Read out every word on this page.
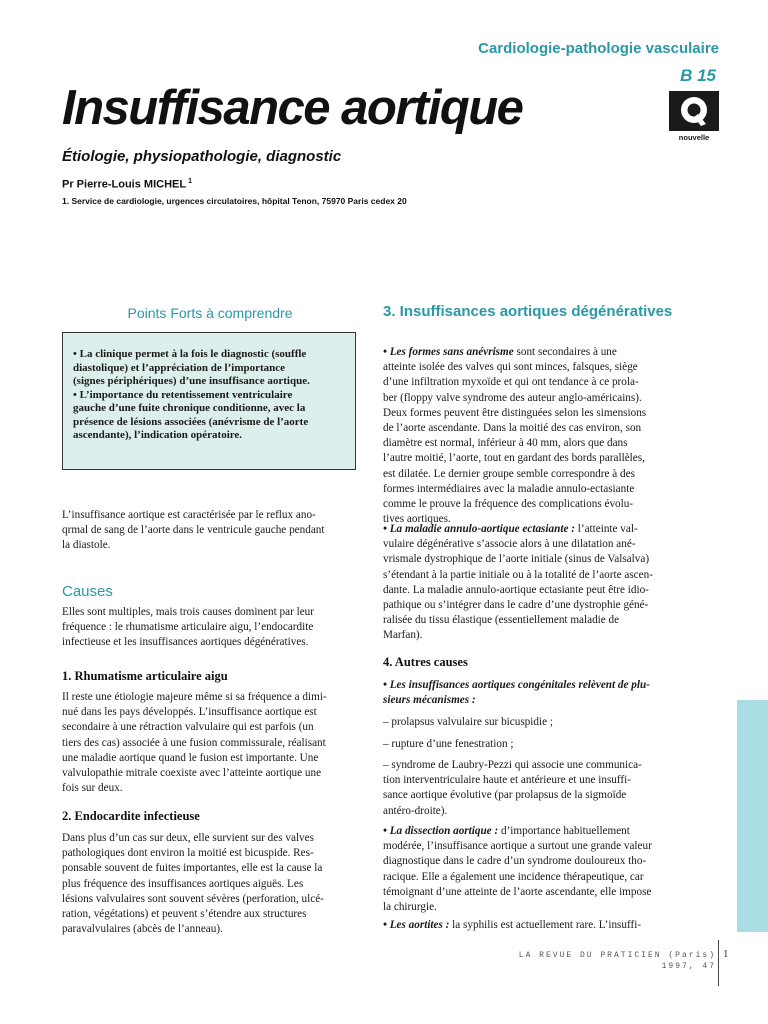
Cardiologie-pathologie vasculaire
B 15
Insuffisance aortique
Étiologie, physiopathologie, diagnostic
Pr Pierre-Louis MICHEL $^1$
1. Service de cardiologie, urgences circulatoires, hôpital Tenon, 75970 Paris cedex 20
nouvelle
Points Forts à comprendre
• La clinique permet à la fois le diagnostic (souffle
diastolique) et l’appréciation de l’importance
(signes périphériques) d’une insuffisance aortique.
• L’importance du retentissement ventriculaire
gauche d’une fuite chronique conditionne, avec la
présence de lésions associées (anévrisme de l’aorte
ascendante), l’indication opératoire.
L’insuffisance aortique est caractérisée par le reflux ano-
qrmal de sang de l’aorte dans le ventricule gauche pendant
la diastole.
Causes
Elles sont multiples, mais trois causes dominent par leur
fréquence : le rhumatisme articulaire aigu, l’endocardite
infectieuse et les insuffisances aortiques dégénératives.
1. Rhumatisme articulaire aigu
Il reste une étiologie majeure même si sa fréquence a dimi-
nué dans les pays développés. L’insuffisance aortique est
secondaire à une rétraction valvulaire qui est parfois (un
tiers des cas) associée à une fusion commissurale, réalisant
une maladie aortique quand le fusion est importante. Une
valvulopathie mitrale coexiste avec l’atteinte aortique une
fois sur deux.
2. Endocardite infectieuse
Dans plus d’un cas sur deux, elle survient sur des valves
pathologiques dont environ la moitié est bicuspide. Res-
ponsable souvent de fuites importantes, elle est la cause la
plus fréquence des insuffisances aortiques aiguës. Les
lésions valvulaires sont souvent sévères (perforation, ulcé-
ration, végétations) et peuvent s’étendre aux structures
paravalvulaires (abcès de l’anneau).
3. Insuffisances aortiques dégénératives
• Les formes sans anévrisme sont secondaires à une
atteinte isolée des valves qui sont minces, falsques, siège
d’une infiltration myxoïde et qui ont tendance à ce prola-
ber (floppy valve syndrome des auteur anglo-américains).
Deux formes peuvent être distinguées selon les simensions
de l’aorte ascendante. Dans la moitié des cas environ, son
diamètre est normal, inférieur à 40 mm, alors que dans
l’autre moitié, l’aorte, tout en gardant des bords parallèles,
est dilatée. Le dernier groupe semble correspondre à des
formes intermédiaires avec la maladie annulo-ectasiante
comme le prouve la fréquence des complications évolu-
tives aortiques.
• La maladie annulo-aortique ectasiante : l’atteinte val-
vulaire dégénérative s’associe alors à une dilatation ané-
vrismale dystrophique de l’aorte initiale (sinus de Valsalva)
s’étendant à la partie initiale ou à la totalité de l’aorte ascen-
dante. La maladie annulo-aortique ectasiante peut être idio-
pathique ou s’intégrer dans le cadre d’une dystrophie géné-
ralisée du tissu élastique (essentiellement maladie de
Marfan).
4. Autres causes
• Les insuffisances aortiques congénitales relèvent de plu-
sieurs mécanismes :
– prolapsus valvulaire sur bicuspidie ;
– rupture d’une fenestration ;
– syndrome de Laubry-Pezzi qui associe une communica-
tion interventriculaire haute et antérieure et une insuffi-
sance aortique évolutive (par prolapsus de la sigmoïde
antéro-droite).
• La dissection aortique : d’importance habituellement
modérée, l’insuffisance aortique a surtout une grande valeur
diagnostique dans le cadre d’un syndrome douloureux tho-
racique. Elle a également une incidence thérapeutique, car
témoignant d’une atteinte de l’aorte ascendante, elle impose
la chirurgie.
• Les aortites : la syphilis est actuellement rare. L’insuffi-
LA REVUE DU PRATICIEN (Paris)
1997, 47
1
